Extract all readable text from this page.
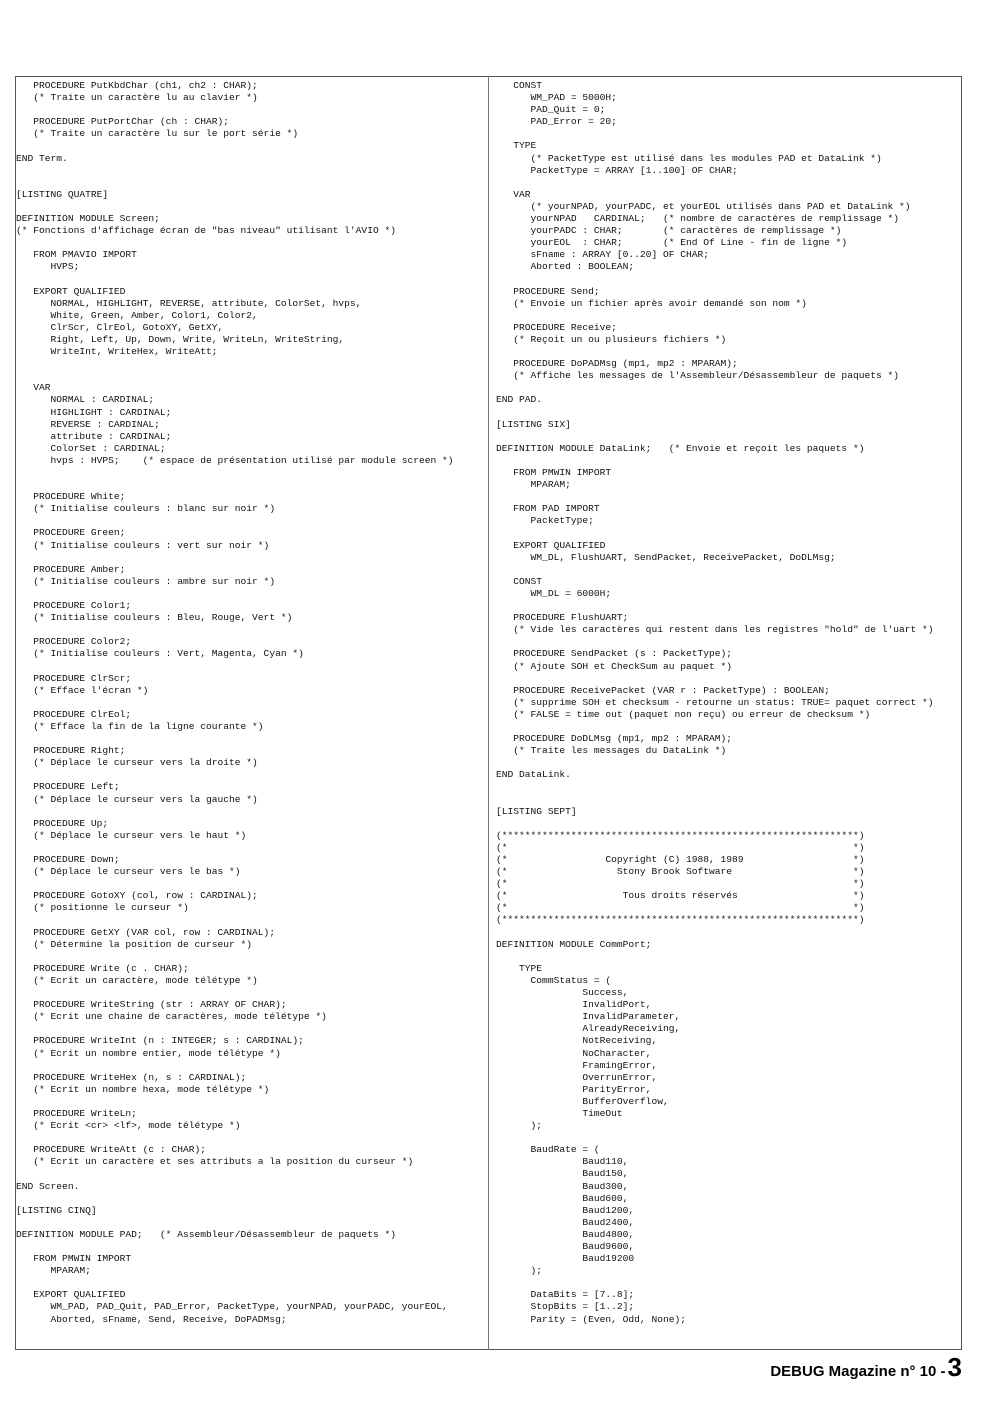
PROCEDURE PutKbdChar (ch1, ch2 : CHAR);
(* Traite un caractère lu au clavier *)

PROCEDURE PutPortChar (ch : CHAR);
(* Traite un caractère lu sur le port série *)

END Term.

[LISTING QUATRE]

DEFINITION MODULE Screen;
(* Fonctions d'affichage écran de "bas niveau" utilisant l'AVIO *)

FROM PMAVIO IMPORT
HVPS;

EXPORT QUALIFIED
NORMAL, HIGHLIGHT, REVERSE, attribute, ColorSet, hvps,
White, Green, Amber, Color1, Color2,
ClrScr, ClrEol, GotoXY, GetXY,
Right, Left, Up, Down, Write, WriteLn, WriteString,
WriteInt, WriteHex, WriteAtt;

VAR
NORMAL : CARDINAL;
HIGHLIGHT : CARDINAL;
REVERSE : CARDINAL;
attribute : CARDINAL;
ColorSet : CARDINAL;
hvps : HVPS;    (* espace de présentation utilisé par module screen *)

PROCEDURE White;
(* Initialise couleurs : blanc sur noir *)

PROCEDURE Green;
(* Initialise couleurs : vert sur noir *)

PROCEDURE Amber;
(* Initialise couleurs : ambre sur noir *)

PROCEDURE Color1;
(* Initialise couleurs : Bleu, Rouge, Vert *)

PROCEDURE Color2;
(* Initialise couleurs : Vert, Magenta, Cyan *)

PROCEDURE ClrScr;
(* Efface l'écran *)

PROCEDURE ClrEol;
(* Efface la fin de la ligne courante *)

PROCEDURE Right;
(* Déplace le curseur vers la droite *)

PROCEDURE Left;
(* Déplace le curseur vers la gauche *)

PROCEDURE Up;
(* Déplace le curseur vers le haut *)

PROCEDURE Down;
(* Déplace le curseur vers le bas *)

PROCEDURE GotoXY (col, row : CARDINAL);
(* positionne le curseur *)

PROCEDURE GetXY (VAR col, row : CARDINAL);
(* Détermine la position de curseur *)

PROCEDURE Write (c . CHAR);
(* Ecrit un caractère, mode télétype *)

PROCEDURE WriteString (str : ARRAY OF CHAR);
(* Ecrit une chaine de caractères, mode télétype *)

PROCEDURE WriteInt (n : INTEGER; s : CARDINAL);
(* Ecrit un nombre entier, mode télétype *)

PROCEDURE WriteHex (n, s : CARDINAL);
(* Ecrit un nombre hexa, mode télétype *)

PROCEDURE WriteLn;
(* Ecrit <cr> <lf>, mode télétype *)

PROCEDURE WriteAtt (c : CHAR);
(* Ecrit un caractère et ses attributs a la position du curseur *)

END Screen.

[LISTING CINQ]

DEFINITION MODULE PAD;   (* Assembleur/Désassembleur de paquets *)

FROM PMWIN IMPORT
MPARAM;

EXPORT QUALIFIED
WM_PAD, PAD_Quit, PAD_Error, PacketType, yourNPAD, yourPADC, yourEOL,
Aborted, sFname, Send, Receive, DoPADMsg;
CONST
WM_PAD = 5000H;
PAD_Quit = 0;
PAD_Error = 20;

TYPE
(* PacketType est utilisé dans les modules PAD et DataLink *)
PacketType = ARRAY [1..100] OF CHAR;

VAR
(* yourNPAD, yourPADC, et yourEOL utilisés dans PAD et DataLink *)
yourNPAD   CARDINAL;   (* nombre de caractères de remplissage *)
yourPADC : CHAR;       (* caractères de remplissage *)
yourEOL  : CHAR;       (* End Of Line - fin de ligne *)
sFname : ARRAY [0..20] OF CHAR;
Aborted : BOOLEAN;

PROCEDURE Send;
(* Envoie un fichier après avoir demandé son nom *)

PROCEDURE Receive;
(* Reçoit un ou plusieurs fichiers *)

PROCEDURE DoPADMsg (mp1, mp2 : MPARAM);
(* Affiche les messages de l'Assembleur/Désassembleur de paquets *)

END PAD.

[LISTING SIX]

DEFINITION MODULE DataLink;   (* Envoie et reçoit les paquets *)

FROM PMWIN IMPORT
MPARAM;

FROM PAD IMPORT
PacketType;

EXPORT QUALIFIED
WM_DL, FlushUART, SendPacket, ReceivePacket, DoDLMsg;

CONST
WM_DL = 6000H;

PROCEDURE FlushUART;
(* Vide les caractères qui restent dans les registres "hold" de l'uart *)

PROCEDURE SendPacket (s : PacketType);
(* Ajoute SOH et CheckSum au paquet *)

PROCEDURE ReceivePacket (VAR r : PacketType) : BOOLEAN;
(* supprime SOH et checksum - retourne un status: TRUE= paquet correct *)
(* FALSE = time out (paquet non reçu) ou erreur de checksum *)

PROCEDURE DoDLMsg (mp1, mp2 : MPARAM);
(* Traite les messages du DataLink *)

END DataLink.

[LISTING SEPT]

(**************************************************************)
(*                                                            *)
(*                 Copyright (C) 1988, 1989                   *)
(*                   Stony Brook Software                     *)
(*                                                            *)
(*                    Tous droits réservés                    *)
(*                                                            *)
(**************************************************************)

DEFINITION MODULE CommPort;

TYPE
CommStatus = (
Success,
InvalidPort,
InvalidParameter,
AlreadyReceiving,
NotReceiving,
NoCharacter,
FramingError,
OverrunError,
ParityError,
BufferOverflow,
TimeOut
);

BaudRate = (
Baud110,
Baud150,
Baud300,
Baud600,
Baud1200,
Baud2400,
Baud4800,
Baud9600,
Baud19200
);

DataBits = [7..8];
StopBits = [1..2];
Parity = (Even, Odd, None);
DEBUG Magazine n° 10 - 3
